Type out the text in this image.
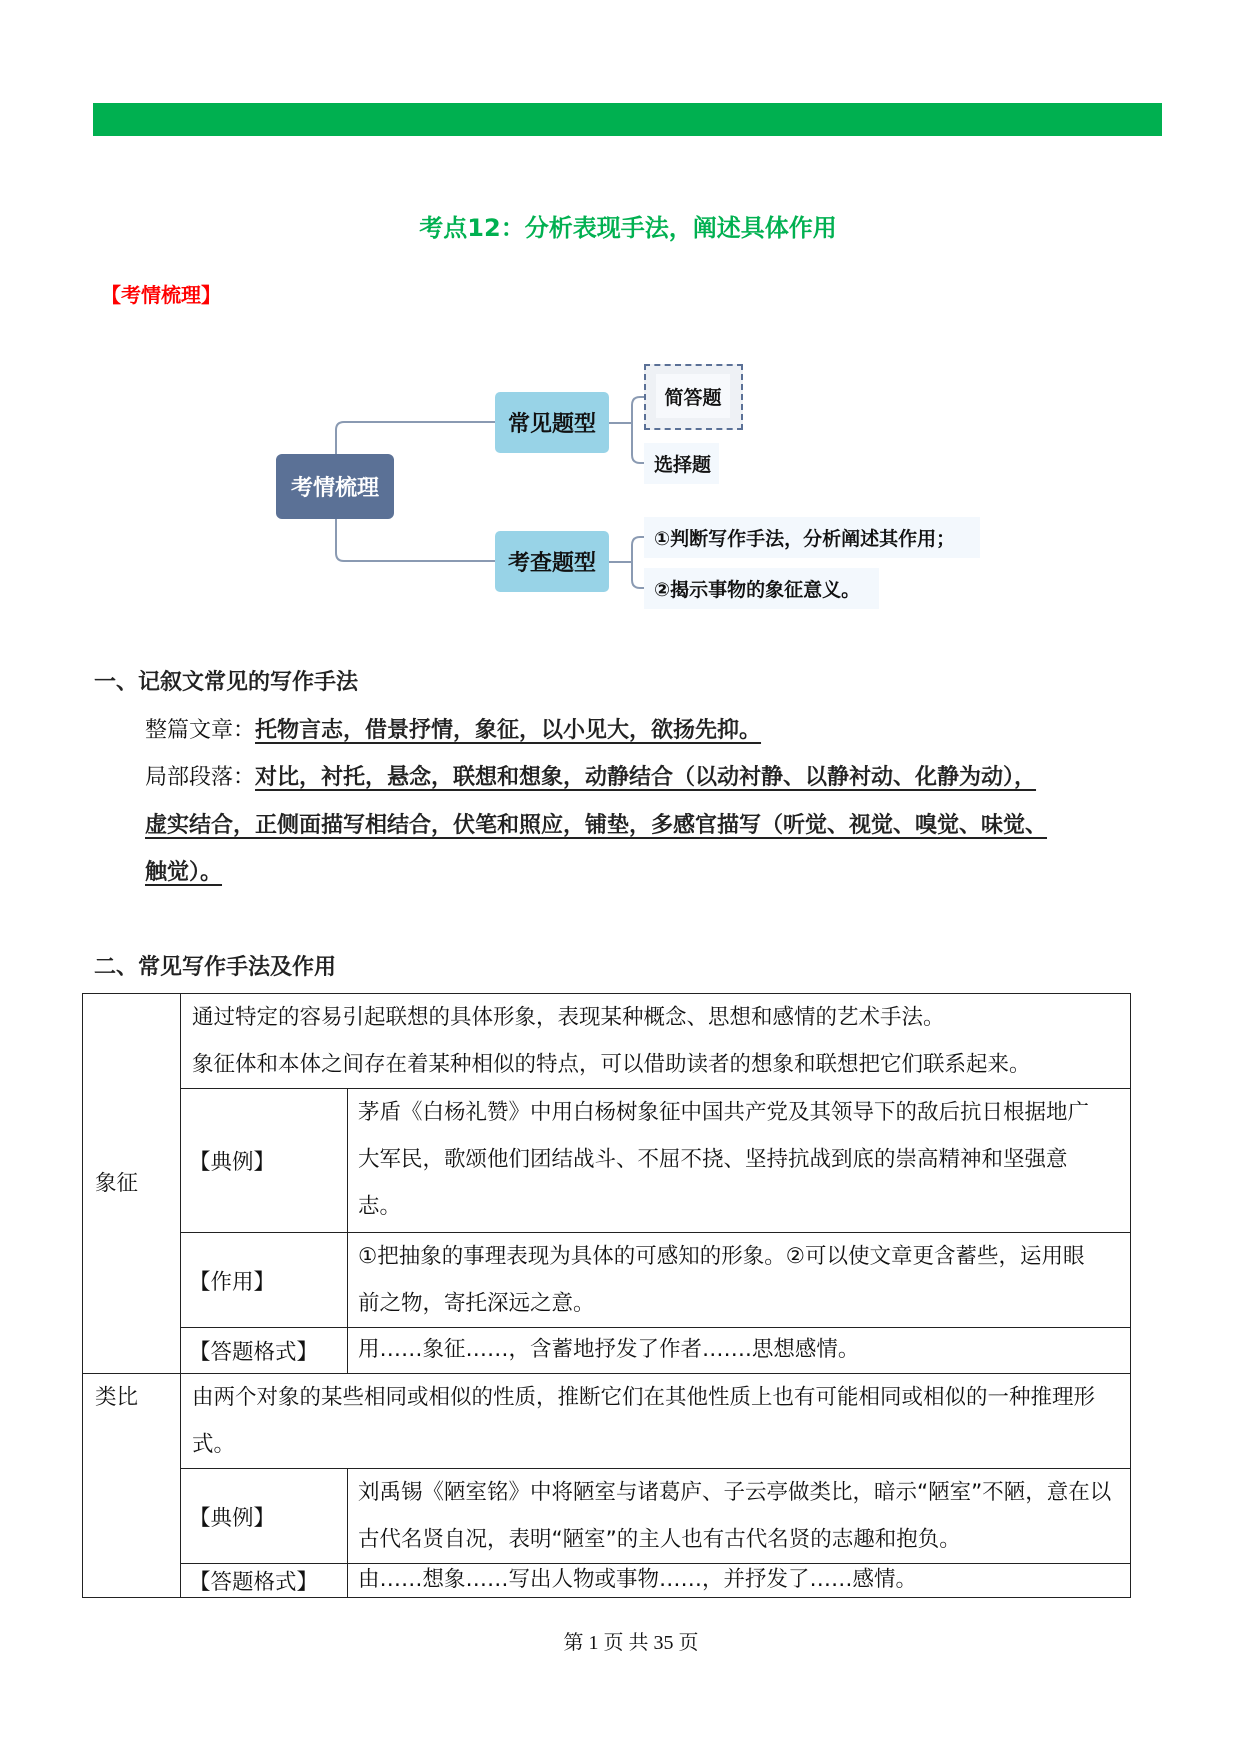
考点12：分析表现手法，阐述具体作用
【考情梳理】
考情梳理
常见题型
简答题
选择题
考查题型
①判断写作手法，分析阐述其作用；
②揭示事物的象征意义。
一、记叙文常见的写作手法
整篇文章：托物言志，借景抒情，象征，以小见大，欲扬先抑。
局部段落：对比，衬托，悬念，联想和想象，动静结合（以动衬静、以静衬动、化静为动），
虚实结合，正侧面描写相结合，伏笔和照应，铺垫，多感官描写（听觉、视觉、嗅觉、味觉、
触觉）。
二、常见写作手法及作用
象征	通过特定的容易引起联想的具体形象，表现某种概念、思想和感情的艺术手法。
象征体和本体之间存在着某种相似的特点，可以借助读者的想象和联想把它们联系起来。	

	【典例】	茅盾《白杨礼赞》中用白杨树象征中国共产党及其领导下的敌后抗日根据地广
大军民，歌颂他们团结战斗、不屈不挠、坚持抗战到底的崇高精神和坚强意
志。

	【作用】	①把抽象的事理表现为具体的可感知的形象。②可以使文章更含蓄些，运用眼
前之物，寄托深远之意。

	【答题格式】	用……象征……，含蓄地抒发了作者…….思想感情。

类比	由两个对象的某些相同或相似的性质，推断它们在其他性质上也有可能相同或相似的一种推理形
式。	

	【典例】	刘禹锡《陋室铭》中将陋室与诸葛庐、子云亭做类比，暗示“陋室”不陋，意在以
古代名贤自况，表明“陋室”的主人也有古代名贤的志趣和抱负。

	【答题格式】	由……想象……写出人物或事物……，并抒发了……感情。
第 1 页 共 35 页
